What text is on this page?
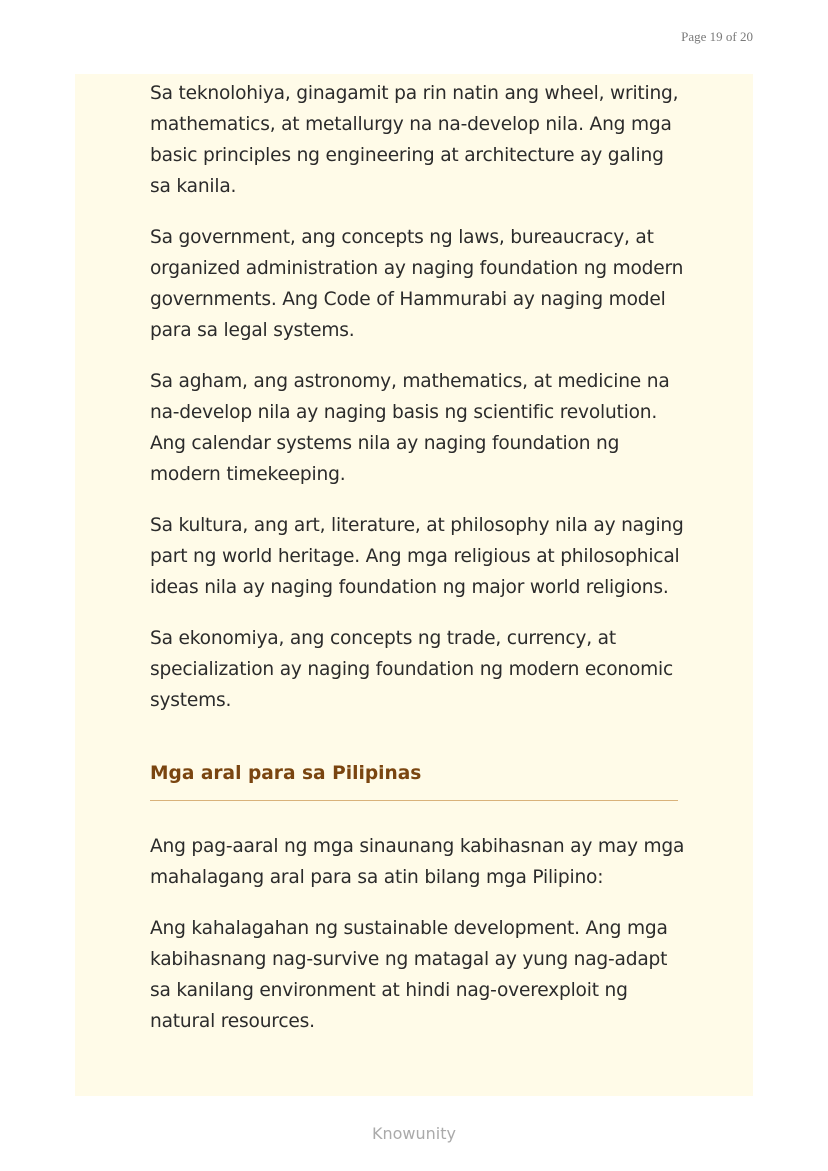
Page 19 of 20

Sa teknolohiya, ginagamit pa rin natin ang wheel, writing, mathematics, at metallurgy na na-develop nila. Ang mga basic principles ng engineering at architecture ay galing sa kanila.

Sa government, ang concepts ng laws, bureaucracy, at organized administration ay naging foundation ng modern governments. Ang Code of Hammurabi ay naging model para sa legal systems.

Sa agham, ang astronomy, mathematics, at medicine na na-develop nila ay naging basis ng scientific revolution. Ang calendar systems nila ay naging foundation ng modern timekeeping.

Sa kultura, ang art, literature, at philosophy nila ay naging part ng world heritage. Ang mga religious at philosophical ideas nila ay naging foundation ng major world religions.

Sa ekonomiya, ang concepts ng trade, currency, at specialization ay naging foundation ng modern economic systems.

Mga aral para sa Pilipinas

Ang pag-aaral ng mga sinaunang kabihasnan ay may mga mahalagang aral para sa atin bilang mga Pilipino:

Ang kahalagahan ng sustainable development. Ang mga kabihasnang nag-survive ng matagal ay yung nag-adapt sa kanilang environment at hindi nag-overexploit ng natural resources.

Knowunity
